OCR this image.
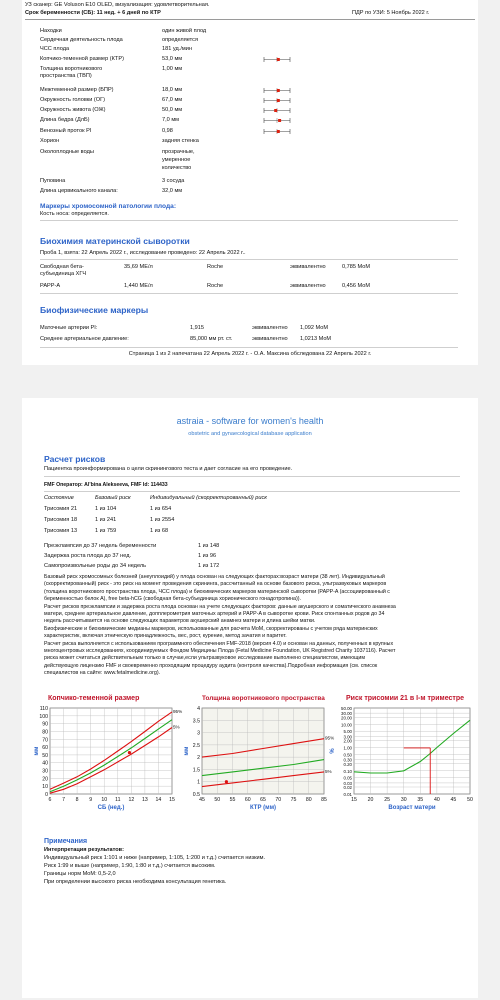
УЗ сканер: GE Voluson E10 OLED, визуализация: удовлетворительная.
Срок беременности (СБ): 11 нед. + 6 дней по КТР	ПДР по УЗИ: 5 Ноябрь 2022 г.
Маркеры хромосомной патологии плода:
Кость носа: определяется.
Биохимия материнской сыворотки
Проба 1, взята: 22 Апрель 2022 г., исследование проведено: 22 Апрель 2022 г..
Свободная бета-
субъединица ХГЧ
35,69 МЕ/л	Roche	эквивалентно	0,785 MoM
PAPP-A	1,440 МЕ/л	Roche	эквивалентно	0,456 MoM
Биофизические маркеры
Маточные артерии PI:	1,915	эквивалентно 1,092 MoM
Среднее артериальное давление:	85,000 мм рт. ст.	эквивалентно 1,0213 MoM
Страница 1 из 2 напечатана 22 Апрель 2022 г. - О.А. Максина обследована 22 Апрель 2022 г.
Находки	один живой плод
Сердечная деятельность плода	определяется
ЧСС плода	181 уд./мин
Копчико-теменной размер (КТР)	53,0 мм
Толщина воротникового
пространства (ТВП)
1,00 мм
Межтеменной размер (БПР)	18,0 мм
Окружность головки (ОГ)	67,0 мм
Окружность живота (ОЖ)	50,0 мм
Длина бедра (ДлБ)	7,0 мм
Венозный проток PI	0,98
Хорион	задняя стенка
Околоплодные воды	прозрачные,
умеренное
количество
Пуповина	3 сосуда
Длина цервикального канала:	32,0 мм
astraia - software for women's health
obstetric and gynaecological database application
Расчет рисков
Пациентка проинформирована о цели скринингового теста и дает согласие на его проведение.
FMF Оператор: Al'bina Alekseeva, FMF Id: 114433
Состояние	Базовый риск	Индивидуальный (скорректированный) риск
Трисомия 21	1 из 104	1 из 654
Трисомия 18	1 из 241	1 из 2554
Трисомия 13	1 из 759	1 из 68
Преэклампсия до 37 недель беременности	1 из 148
Задержка роста плода до 37 нед.	1 из 96
Самопроизвольные роды до 34 недель	1 из 172
Копчико-теменной размер	Толщина воротникового пространства	Риск трисомии 21 в I-м триместре
0
10
20
30
40
50
60
70
80
90
100
110
6 7 8 9 10 11 12 13 14 15
СБ (нед.)
мм
95%
5%
0.5
1
1.5
2
2.5
3
3.5
4
45 50 55 60 65 70 75 80 85
КТР (мм)
мм
95%
5%
0.01
0.02
0.03
0.05
0.10
0.20
0.30
0.50
1.00
2.00
3.00
5.00
10.00
20.00
30.00
50.00
15 20 25 30 35 40 45 50
Возраст матери
%
Примечания
Интерпретация результатов:
Индивидуальный риск 1:101 и ниже (например, 1:105, 1:200 и т.д.) считается низким.
Риск 1:99 и выше (например, 1:90, 1:80 и т.д.) считается высоким.
Границы норм MoM: 0,5-2,0
При определении высокого риска необходима консультация генетика.
Базовый риск хромосомных болезней (анеуплоидий) у плода основан на следующих факторах:возраст матери (38 лет). Индивидуальный
(скорректированный) риск - это риск на момент проведения скрининга, рассчитанный на основе базового риска, ультразвуковых маркеров
(толщина воротникового пространства плода, ЧСС плода) и биохимических маркеров материнской сыворотки (PAPP-A (ассоциированный с
беременностью белок А), free beta-hCG (свободная бета-субъединица хорионического гонадотропина)).
Расчет рисков преэклампсии и задержка роста плода основан на учете следующих факторов: данные акушерского и соматического анамнеза
матери, среднее артериальное давление, допплерометрия маточных артерий и PAPP-A в сыворотке крови. Риск спонтанных родов до 34
недель рассчитывается на основе следующих параметров акушерский анамнез матери и длина шейки матки.
Биофизические и биохимические медианы маркеров, использованные для расчета MoM, скорректированы с учетом ряда материнских
характеристик, включая этническую принадлежность, вес, рост, курение, метод зачатия и паритет.
Расчет риска выполняется с использованием программного обеспечения FMF-2018 (версия 4.0) и основан на данных, полученных в крупных
многоцентровых исследованиях, координируемых Фондом Медицины Плода (Fetal Medicine Foundation, UK Registred Charity 1037116). Расчет
риска может считаться действительным только в случае,если ультразвуковое исследование выполнено специалистом, имеющим
действующую лицензию FMF и своевременно проходящим процедуру аудита (контроля качества).Подробная информация (см. список
специалистов на сайте: www.fetalmedicine.org).
